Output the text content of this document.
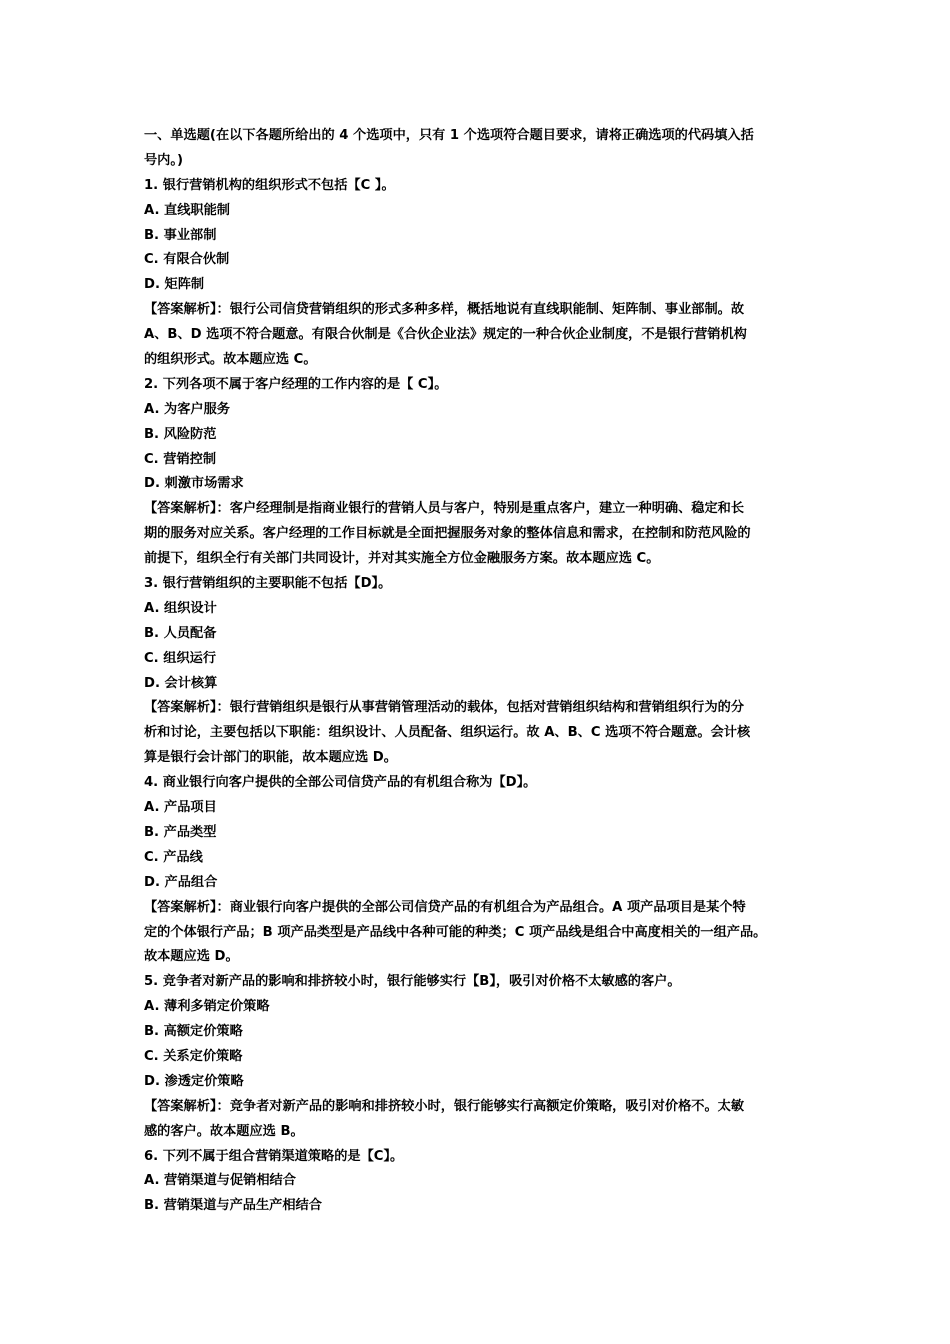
一、单选题(在以下各题所给出的 4 个选项中，只有 1 个选项符合题目要求，请将正确选项的代码填入括
号内。)
1. 银行营销机构的组织形式不包括【C 】。
A. 直线职能制
B. 事业部制
C. 有限合伙制
D. 矩阵制
【答案解析】：银行公司信贷营销组织的形式多种多样，概括地说有直线职能制、矩阵制、事业部制。故
A、B、D 选项不符合题意。有限合伙制是《合伙企业法》规定的一种合伙企业制度，不是银行营销机构
的组织形式。故本题应选 C。
2. 下列各项不属于客户经理的工作内容的是【 C】。
A. 为客户服务
B. 风险防范
C. 营销控制
D. 刺激市场需求
【答案解析】：客户经理制是指商业银行的营销人员与客户，特别是重点客户，建立一种明确、稳定和长
期的服务对应关系。客户经理的工作目标就是全面把握服务对象的整体信息和需求，在控制和防范风险的
前提下，组织全行有关部门共同设计，并对其实施全方位金融服务方案。故本题应选 C。
3. 银行营销组织的主要职能不包括【D】。
A. 组织设计
B. 人员配备
C. 组织运行
D. 会计核算
【答案解析】：银行营销组织是银行从事营销管理活动的载体，包括对营销组织结构和营销组织行为的分
析和讨论，主要包括以下职能：组织设计、人员配备、组织运行。故 A、B、C 选项不符合题意。会计核
算是银行会计部门的职能，故本题应选 D。
4. 商业银行向客户提供的全部公司信贷产品的有机组合称为【D】。
A. 产品项目
B. 产品类型
C. 产品线
D. 产品组合
【答案解析】：商业银行向客户提供的全部公司信贷产品的有机组合为产品组合。A 项产品项目是某个特
定的个体银行产品；B 项产品类型是产品线中各种可能的种类；C 项产品线是组合中高度相关的一组产品。
故本题应选 D。
5. 竞争者对新产品的影响和排挤较小时，银行能够实行【B】，吸引对价格不太敏感的客户。
A. 薄利多销定价策略
B. 高额定价策略
C. 关系定价策略
D. 渗透定价策略
【答案解析】：竞争者对新产品的影响和排挤较小时，银行能够实行高额定价策略，吸引对价格不。太敏
感的客户。故本题应选 B。
6. 下列不属于组合营销渠道策略的是【C】。
A. 营销渠道与促销相结合
B. 营销渠道与产品生产相结合
